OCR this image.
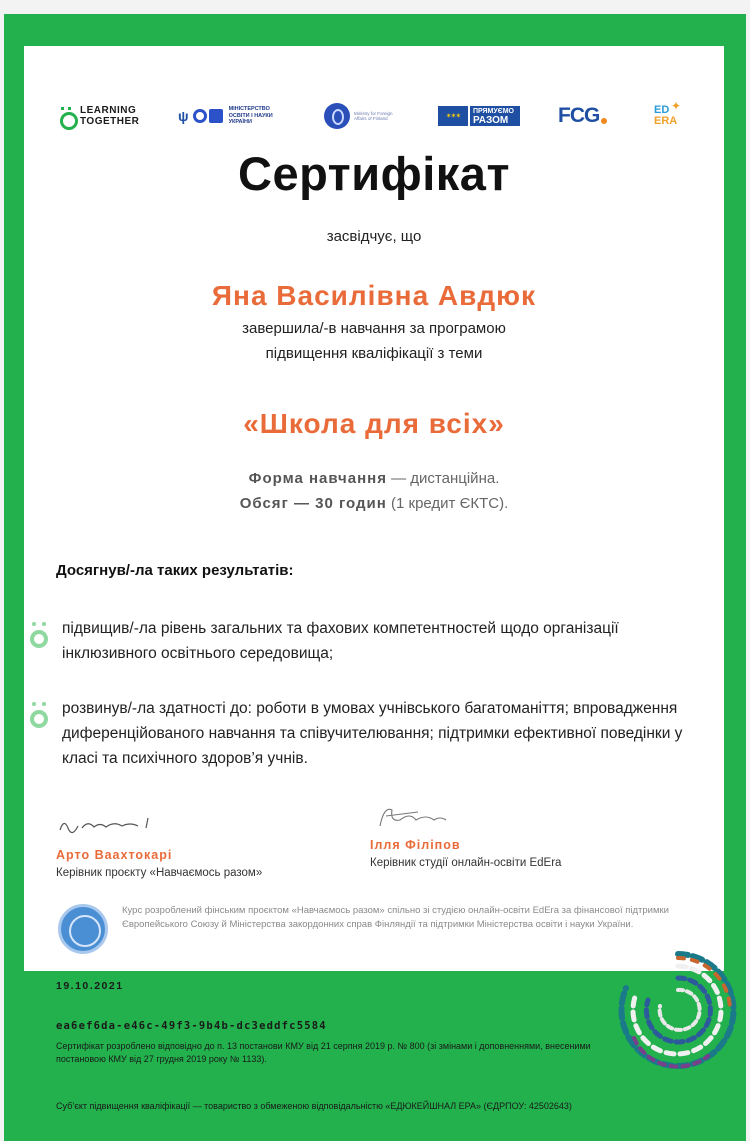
LEARNING TOGETHER	ψ	МІНІСТЕРСТВО ОСВІТИ І НАУКИ УКРАЇНИ
Ministry for Foreign Affairs of Finland	✶✶✶
ПРЯМУЄМО
РАЗОМ	FCG	ED
ERA
✦
Сертифікат
засвідчує, що
Яна Василівна Авдюк
завершила/-в навчання за програмою
підвищення кваліфікації з теми
«Школа для всіх»
Форма навчання — дистанційна.
Обсяг — 30 годин (1 кредит ЄКТС).
Досягнув/-ла таких результатів:
підвищив/-ла рівень загальних та фахових компетентностей щодо організації інклюзивного освітнього середовища;
розвинув/-ла здатності до: роботи в умовах учнівського багатоманіття; впровадження диференційованого навчання та співучителювання; підтримки ефективної поведінки у класі та психічного здоров’я учнів.
Арто Ваахтокарі
Керівник проєкту «Навчаємось разом»
Ілля Філіпов
Керівник студії онлайн-освіти EdEra
Курс розроблений фінським проєктом «Навчаємось разом» спільно зі студією онлайн-освіти EdEra за фінансової підтримки Європейського Союзу й Міністерства закордонних справ Фінляндії та підтримки Міністерства освіти і науки України.
19.10.2021
ea6ef6da-e46c-49f3-9b4b-dc3eddfc5584
Сертифікат розроблено відповідно до п. 13 постанови КМУ від 21 серпня 2019 р. № 800 (зі змінами і доповненнями, внесеними постановою КМУ від 27 грудня 2019 року № 1133).
Суб’єкт підвищення кваліфікації — товариство з обмеженою відповідальністю «ЕДЮКЕЙШНАЛ ЕРА» (ЄДРПОУ: 42502643)
